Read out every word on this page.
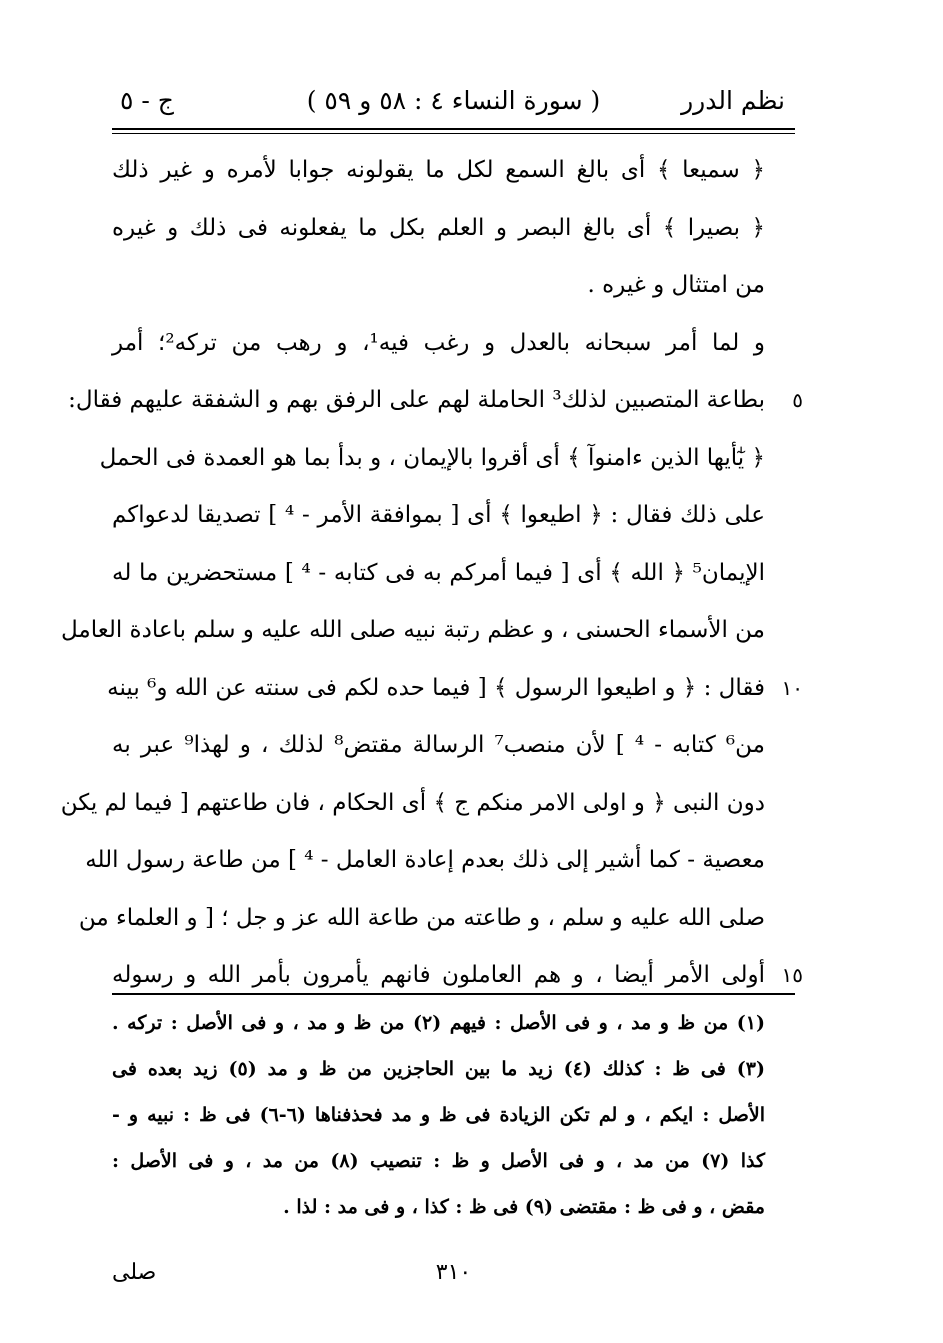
نظم الدرر
( سورة النساء ٤ : ٥٨ و ٥٩ )
ج - ٥
﴿ سميعا ﴾ أى بالغ السمع لكل ما يقولونه جوابا لأمره و غير ذلك
﴿ بصيرا ﴾ أى بالغ البصر و العلم بكل ما يفعلونه فى ذلك و غيره
من امتثال و غيره .
و لما أمر سبحانه بالعدل و رغب فيه¹، و رهب من تركه²؛ أمر
بطاعة المتصبين لذلك³ الحاملة لهم على الرفق بهم و الشفقة عليهم فقال:	٥
﴿ يٰٓأيها الذين ءامنوآ ﴾ أى أقروا بالإيمان ، و بدأ بما هو العمدة فى الحمل
على ذلك فقال : ﴿ اطيعوا ﴾ أى [ بموافقة الأمر - ⁴ ] تصديقا لدعواكم
الإيمان⁵ ﴿ الله ﴾ أى [ فيما أمركم به فى كتابه - ⁴ ] مستحضرين ما له
من الأسماء الحسنى ، و عظم رتبة نبيه صلى الله عليه و سلم باعادة العامل
فقال : ﴿ و اطيعوا الرسول ﴾ [ فيما حده لكم فى سنته عن الله و⁶ بينه ١٠
من⁶ كتابه - ⁴ ] لأن منصب⁷ الرسالة مقتض⁸ لذلك ، و لهذا⁹ عبر به
دون النبى ﴿ و اولى الامر منكم ج ﴾ أى الحكام ، فان طاعتهم [ فيما لم يكن
معصية - كما أشير إلى ذلك بعدم إعادة العامل - ⁴ ] من طاعة رسول الله
صلى الله عليه و سلم ، و طاعته من طاعة الله عز و جل ؛ [ و العلماء من
أولى الأمر أيضا ، و هم العاملون فانهم يأمرون بأمر الله و رسوله ١٥
(١) من ظ و مد ، و فى الأصل : فيهم (٢) من ظ و مد ، و فى الأصل : تركه .
(٣) فى ظ : كذلك (٤) زيد ما بين الحاجزين من ظ و مد (٥) زيد بعده فى
الأصل : ايكم ، و لم تكن الزيادة فى ظ و مد فحذفناها (٦-٦) فى ظ : نبيه و -
كذا (٧) من مد ، و فى الأصل و ظ : تنصيب (٨) من مد ، و فى الأصل :
مقض ، و فى ظ : مقتضى (٩) فى ظ : كذا ، و فى مد : لذا .
٣١٠
صلى
